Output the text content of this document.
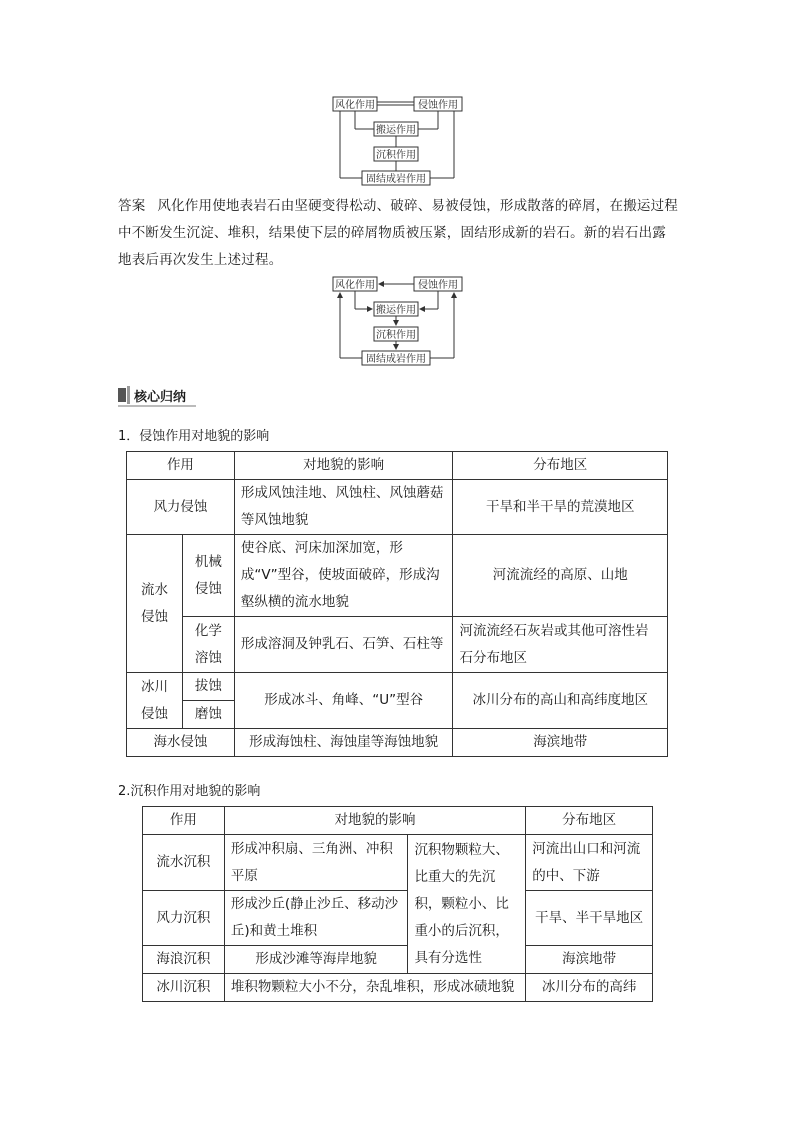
风化作用	侵蚀作用
搬运作用
沉积作用
固结成岩作用
答案 风化作用使地表岩石由坚硬变得松动、破碎、易被侵蚀，形成散落的碎屑，在搬运过程中不断发生沉淀、堆积，结果使下层的碎屑物质被压紧，固结形成新的岩石。新的岩石出露地表后再次发生上述过程。
风化作用	侵蚀作用
搬运作用
沉积作用
固结成岩作用
核心归纳
1．侵蚀作用对地貌的影响
作用		对地貌的影响	分布地区
风力侵蚀		形成风蚀洼地、风蚀柱、风蚀蘑菇等风蚀地貌	干旱和半干旱的荒漠地区
流水侵蚀	机械侵蚀	使谷底、河床加深加宽，形成“V”型谷，使坡面破碎，形成沟壑纵横的流水地貌	河流流经的高原、山地
	化学溶蚀	形成溶洞及钟乳石、石笋、石柱等	河流流经石灰岩或其他可溶性岩石分布地区
冰川侵蚀	拔蚀	形成冰斗、角峰、“U”型谷	冰川分布的高山和高纬度地区
	磨蚀		
海水侵蚀		形成海蚀柱、海蚀崖等海蚀地貌	海滨地带
2.沉积作用对地貌的影响
作用	对地貌的影响		分布地区
流水沉积	形成冲积扇、三角洲、冲积平原	沉积物颗粒大、比重大的先沉积，颗粒小、比重小的后沉积，具有分选性	河流出山口和河流的中、下游
风力沉积	形成沙丘(静止沙丘、移动沙丘)和黄土堆积		干旱、半干旱地区
海浪沉积	形成沙滩等海岸地貌		海滨地带
冰川沉积	堆积物颗粒大小不分，杂乱堆积，形成冰碛地貌		冰川分布的高纬
